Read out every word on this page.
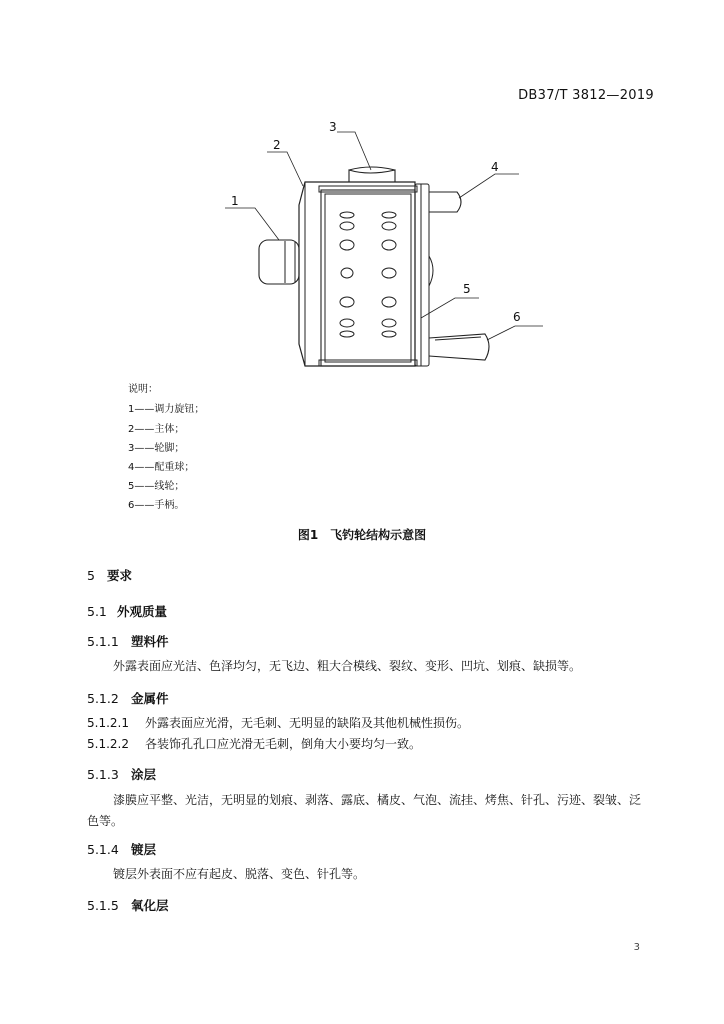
DB37/T 3812—2019
1
2
3
4
5
6
说明：
1——调力旋钮；
2——主体；
3——轮脚；
4——配重球；
5——线轮；
6——手柄。
图1　飞钓轮结构示意图
5 要求
5.1 外观质量
5.1.1 塑料件
外露表面应光洁、色泽均匀，无飞边、粗大合模线、裂纹、变形、凹坑、划痕、缺损等。
5.1.2 金属件
5.1.2.1 外露表面应光滑，无毛刺、无明显的缺陷及其他机械性损伤。
5.1.2.2 各装饰孔孔口应光滑无毛刺，倒角大小要均匀一致。
5.1.3 涂层
漆膜应平整、光洁，无明显的划痕、剥落、露底、橘皮、气泡、流挂、烤焦、针孔、污迹、裂皱、泛色等。
5.1.4 镀层
镀层外表面不应有起皮、脱落、变色、针孔等。
5.1.5 氧化层
3
